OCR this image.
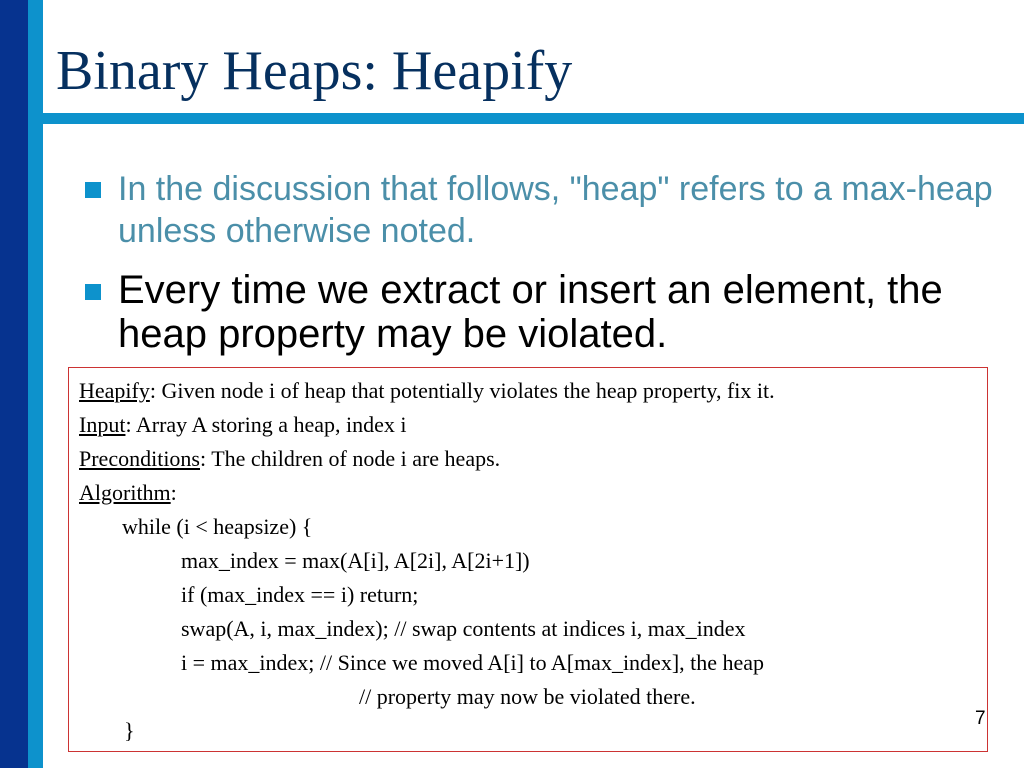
Binary Heaps: Heapify
In the discussion that follows, "heap" refers to a max-heap unless otherwise noted.
Every time we extract or insert an element, the heap property may be violated.
Heapify: Given node i of heap that potentially violates the heap property, fix it.
Input: Array A storing a heap, index i
Preconditions: The children of node i are heaps.
Algorithm:
while (i < heapsize) {
max_index = max(A[i], A[2i], A[2i+1])
if (max_index == i) return;
swap(A, i, max_index); // swap contents at indices i, max_index
i = max_index; // Since we moved A[i] to A[max_index], the heap
// property may now be violated there.
}	7
